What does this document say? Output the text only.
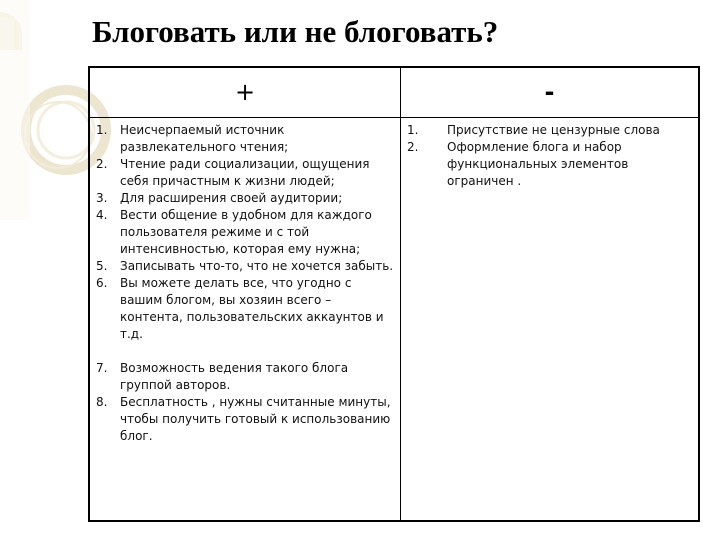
Блоговать или не блоговать?
+	-
1. Неисчерпаемый источник развлекательного чтения;
2. Чтение ради социализации, ощущения себя причастным к жизни людей;
3. Для расширения своей аудитории;
4. Вести общение в удобном для каждого пользователя режиме и с той интенсивностью, которая ему нужна;
5. Записывать что-то, что не хочется забыть.
6. Вы можете делать все, что угодно с вашим блогом, вы хозяин всего – контента, пользовательских аккаунтов и т.д.
7. Возможность ведения такого блога группой авторов.
8. Бесплатность , нужны считанные минуты, чтобы получить готовый к использованию блог.
1. Присутствие не цензурные слова
2. Оформление блога и набор функциональных элементов ограничен .
